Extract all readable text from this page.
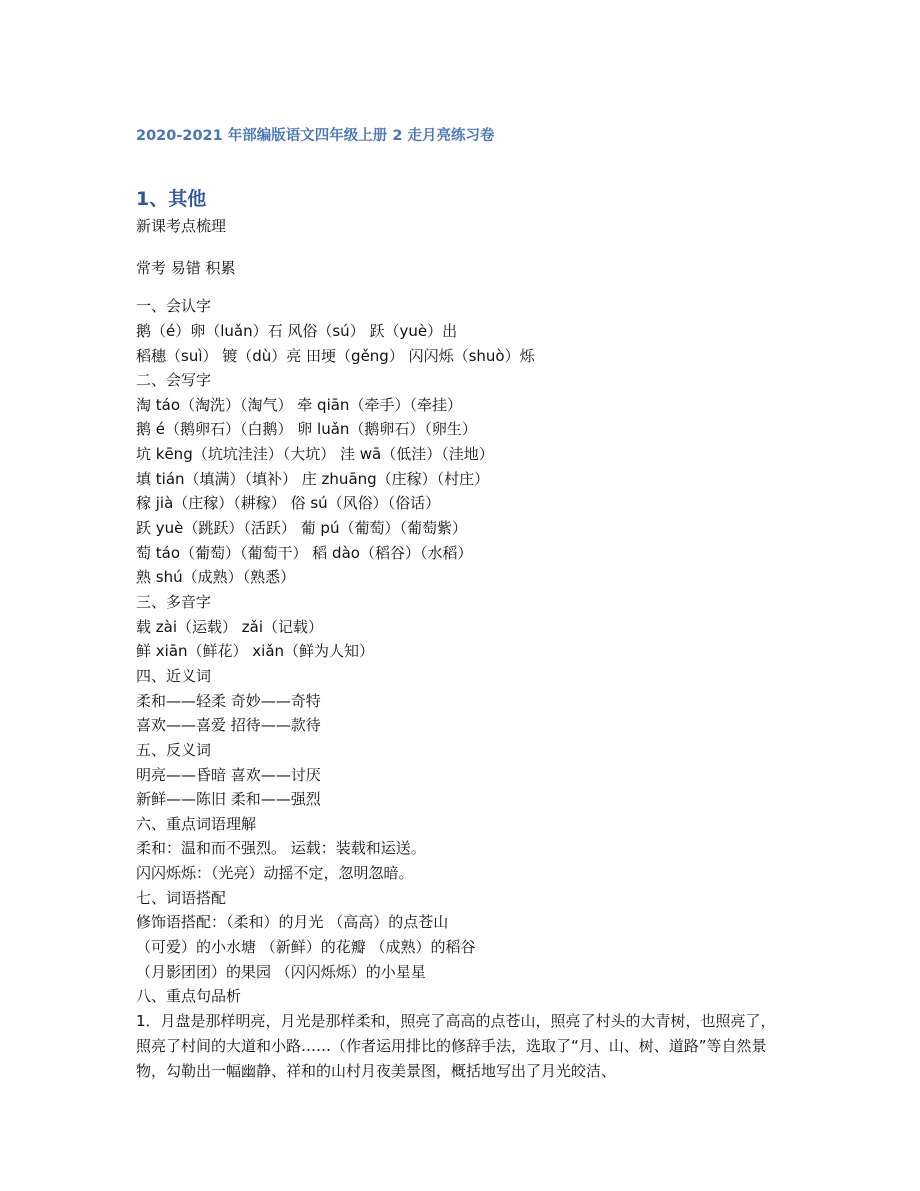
2020-2021 年部编版语文四年级上册 2 走月亮练习卷
1、其他
新课考点梳理
常考 易错 积累
一、会认字
鹅（é）卵（luǎn）石 风俗（sú） 跃（yuè）出
稻穗（suì） 镀（dù）亮 田埂（gěng） 闪闪烁（shuò）烁
二、会写字
淘 táo（淘洗）（淘气） 牵 qiān（牵手）（牵挂）
鹅 é（鹅卵石）（白鹅） 卵 luǎn（鹅卵石）（卵生）
坑 kēng（坑坑洼洼）（大坑） 洼 wā（低洼）（洼地）
填 tián（填满）（填补） 庄 zhuāng（庄稼）（村庄）
稼 jià（庄稼）（耕稼） 俗 sú（风俗）（俗话）
跃 yuè（跳跃）（活跃） 葡 pú（葡萄）（葡萄紫）
萄 táo（葡萄）（葡萄干） 稻 dào（稻谷）（水稻）
熟 shú（成熟）（熟悉）
三、多音字
载 zài（运载） zǎi（记载）
鲜 xiān（鲜花） xiǎn（鲜为人知）
四、近义词
柔和——轻柔 奇妙——奇特
喜欢——喜爱 招待——款待
五、反义词
明亮——昏暗 喜欢——讨厌
新鲜——陈旧 柔和——强烈
六、重点词语理解
柔和：温和而不强烈。 运载：装载和运送。
闪闪烁烁：（光亮）动摇不定，忽明忽暗。
七、词语搭配
修饰语搭配：（柔和）的月光 （高高）的点苍山
（可爱）的小水塘 （新鲜）的花瓣 （成熟）的稻谷
（月影团团）的果园 （闪闪烁烁）的小星星
八、重点句品析
1．月盘是那样明亮，月光是那样柔和，照亮了高高的点苍山，照亮了村头的大青树，也照亮了，照亮了村间的大道和小路……（作者运用排比的修辞手法，选取了“月、山、树、道路”等自然景物，勾勒出一幅幽静、祥和的山村月夜美景图，概括地写出了月光皎洁、
